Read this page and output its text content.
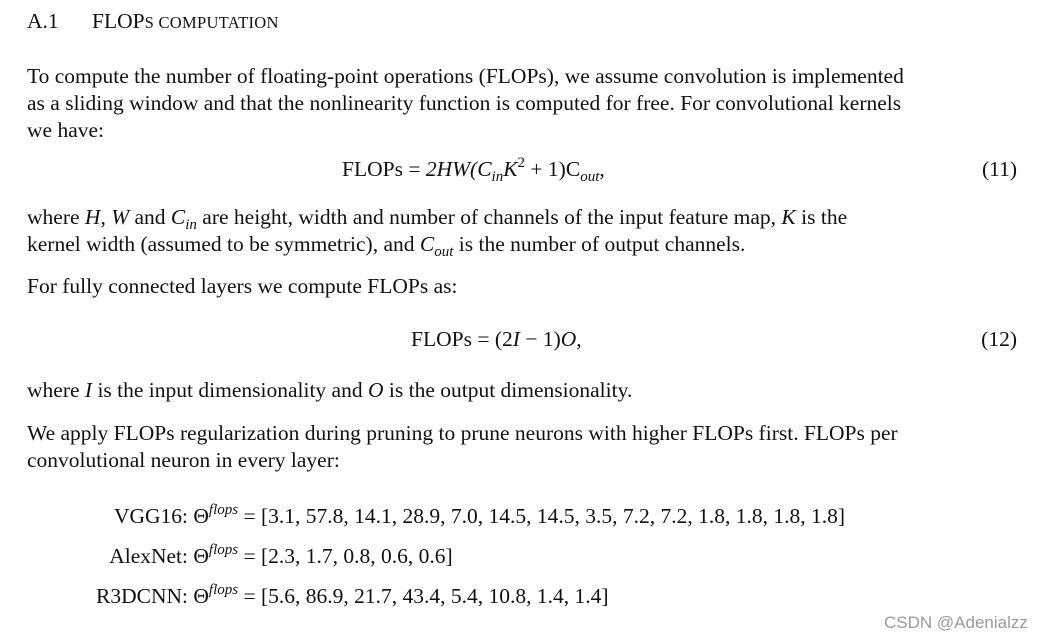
A.1 FLOPS COMPUTATION
To compute the number of floating-point operations (FLOPs), we assume convolution is implemented
as a sliding window and that the nonlinearity function is computed for free. For convolutional kernels
we have:
FLOPs = $2HW(C_{in}K^2 + 1)C_{out}$,	(11)
where H, W and $C_{in}$ are height, width and number of channels of the input feature map, K is the
kernel width (assumed to be symmetric), and $C_{out}$ is the number of output channels.
For fully connected layers we compute FLOPs as:
FLOPs = (2I − 1)O,	(12)
where I is the input dimensionality and O is the output dimensionality.
We apply FLOPs regularization during pruning to prune neurons with higher FLOPs first. FLOPs per
convolutional neuron in every layer:
VGG16: $\Theta^{flops} = [3.1$, 57.8, 14.1, 28.9, 7.0, 14.5, 14.5, 3.5, 7.2, 7.2, 1.8, 1.8, 1.8, 1.8]
AlexNet: $\Theta^{flops} = [2.3$, 1.7, 0.8, 0.6, 0.6]
R3DCNN: $\Theta^{flops} = [5.6$, 86.9, 21.7, 43.4, 5.4, 10.8, 1.4, 1.4]
CSDN @Adenialzz
